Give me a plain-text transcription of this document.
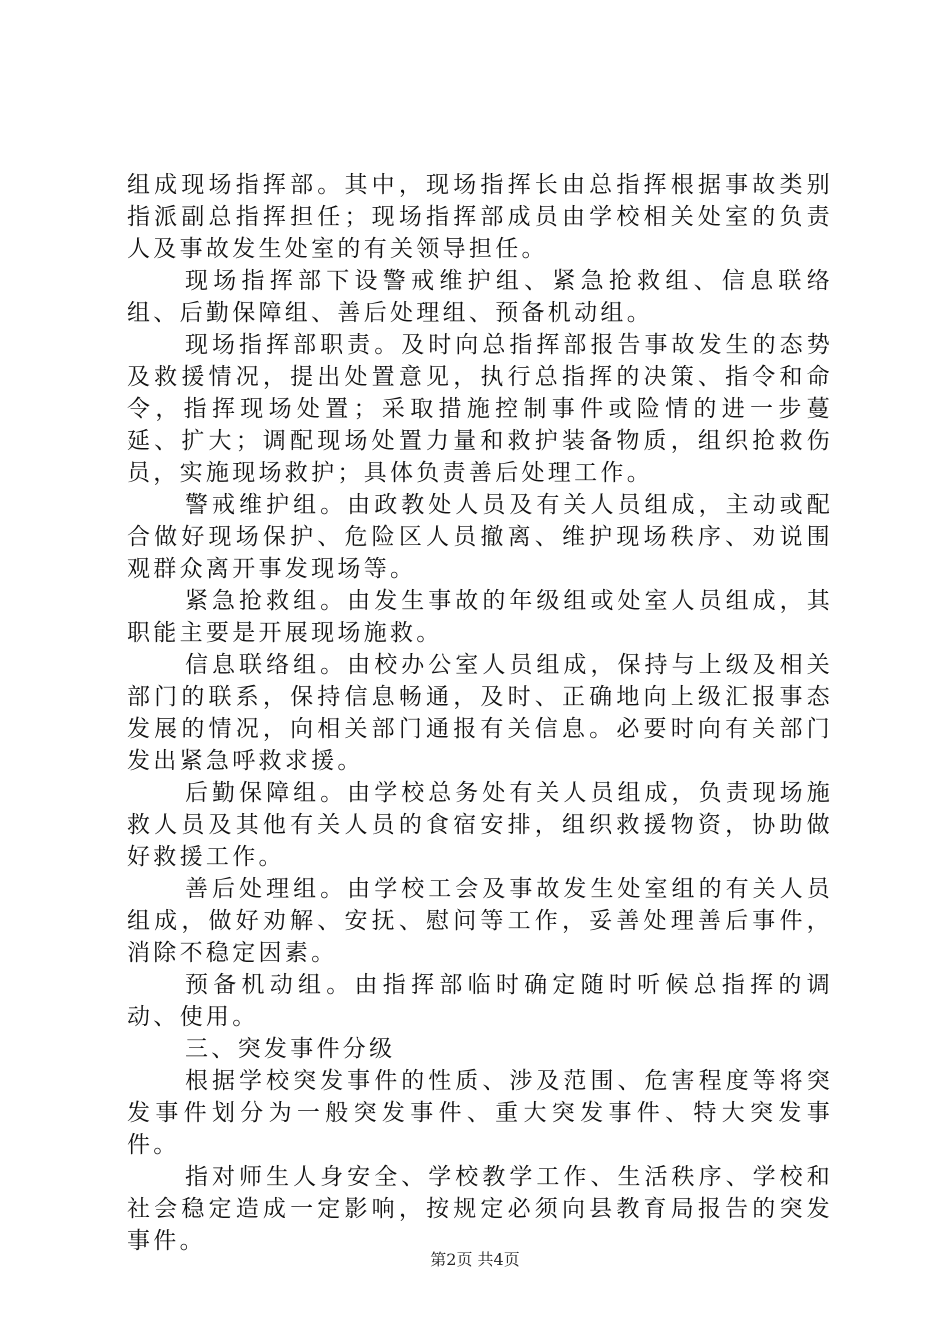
组成现场指挥部。其中，现场指挥长由总指挥根据事故类别指派副总指挥担任；现场指挥部成员由学校相关处室的负责人及事故发生处室的有关领导担任。

现场指挥部下设警戒维护组、紧急抢救组、信息联络组、后勤保障组、善后处理组、预备机动组。

现场指挥部职责。及时向总指挥部报告事故发生的态势及救援情况，提出处置意见，执行总指挥的决策、指令和命令，指挥现场处置；采取措施控制事件或险情的进一步蔓延、扩大；调配现场处置力量和救护装备物质，组织抢救伤员，实施现场救护；具体负责善后处理工作。

警戒维护组。由政教处人员及有关人员组成，主动或配合做好现场保护、危险区人员撤离、维护现场秩序、劝说围观群众离开事发现场等。

紧急抢救组。由发生事故的年级组或处室人员组成，其职能主要是开展现场施救。

信息联络组。由校办公室人员组成，保持与上级及相关部门的联系，保持信息畅通，及时、正确地向上级汇报事态发展的情况，向相关部门通报有关信息。必要时向有关部门发出紧急呼救求援。

后勤保障组。由学校总务处有关人员组成，负责现场施救人员及其他有关人员的食宿安排，组织救援物资，协助做好救援工作。

善后处理组。由学校工会及事故发生处室组的有关人员组成，做好劝解、安抚、慰问等工作，妥善处理善后事件，消除不稳定因素。

预备机动组。由指挥部临时确定随时听候总指挥的调动、使用。

三、突发事件分级

根据学校突发事件的性质、涉及范围、危害程度等将突发事件划分为一般突发事件、重大突发事件、特大突发事件。

指对师生人身安全、学校教学工作、生活秩序、学校和社会稳定造成一定影响，按规定必须向县教育局报告的突发事件。

第2页 共4页
